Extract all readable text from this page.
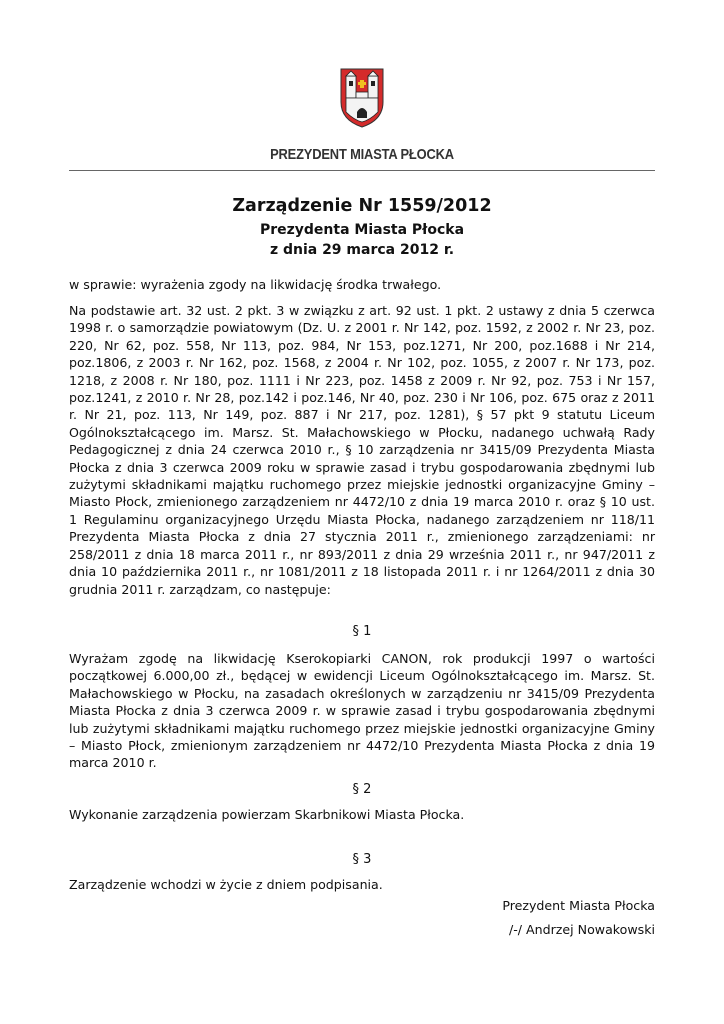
PREZYDENT MIASTA PŁOCKA
Zarządzenie Nr 1559/2012
Prezydenta Miasta Płocka
z dnia 29 marca 2012 r.
w sprawie: wyrażenia zgody na likwidację środka trwałego.
Na podstawie art. 32 ust. 2 pkt. 3 w związku z art. 92 ust. 1 pkt. 2 ustawy z dnia 5 czerwca 1998 r. o samorządzie powiatowym (Dz. U. z 2001 r. Nr 142, poz. 1592, z 2002 r. Nr 23, poz. 220, Nr 62, poz. 558, Nr 113, poz. 984, Nr 153, poz.1271, Nr 200, poz.1688 i Nr 214, poz.1806, z 2003 r. Nr 162, poz. 1568, z 2004 r. Nr 102, poz. 1055, z 2007 r. Nr 173, poz. 1218, z 2008 r. Nr 180, poz. 1111 i Nr 223, poz. 1458 z 2009 r. Nr 92, poz. 753 i Nr 157, poz.1241, z 2010 r. Nr 28, poz.142 i poz.146, Nr 40, poz. 230 i Nr 106, poz. 675 oraz z 2011 r. Nr 21, poz. 113, Nr 149, poz. 887 i Nr 217, poz. 1281), § 57 pkt 9 statutu Liceum Ogólnokształcącego im. Marsz. St. Małachowskiego w Płocku, nadanego uchwałą Rady Pedagogicznej z dnia 24 czerwca 2010 r., § 10 zarządzenia nr 3415/09 Prezydenta Miasta Płocka z dnia 3 czerwca 2009 roku w sprawie zasad i trybu gospodarowania zbędnymi lub zużytymi składnikami majątku ruchomego przez miejskie jednostki organizacyjne Gminy – Miasto Płock, zmienionego zarządzeniem nr 4472/10 z dnia 19 marca 2010 r. oraz § 10 ust. 1 Regulaminu organizacyjnego Urzędu Miasta Płocka, nadanego zarządzeniem nr 118/11 Prezydenta Miasta Płocka z dnia 27 stycznia 2011 r., zmienionego zarządzeniami: nr 258/2011 z dnia 18 marca 2011 r., nr 893/2011 z dnia 29 września 2011 r., nr 947/2011 z dnia 10 października 2011 r., nr 1081/2011 z 18 listopada 2011 r. i nr 1264/2011 z dnia 30 grudnia 2011 r. zarządzam, co następuje:
§ 1
Wyrażam zgodę na likwidację Kserokopiarki CANON, rok produkcji 1997 o wartości początkowej 6.000,00 zł., będącej w ewidencji Liceum Ogólnokształcącego im. Marsz. St. Małachowskiego w Płocku, na zasadach określonych w zarządzeniu nr 3415/09 Prezydenta Miasta Płocka z dnia 3 czerwca 2009 r. w sprawie zasad i trybu gospodarowania zbędnymi lub zużytymi składnikami majątku ruchomego przez miejskie jednostki organizacyjne Gminy – Miasto Płock, zmienionym zarządzeniem nr 4472/10 Prezydenta Miasta Płocka z dnia 19 marca 2010 r.
§ 2
Wykonanie zarządzenia powierzam Skarbnikowi Miasta Płocka.
§ 3
Zarządzenie wchodzi w życie z dniem podpisania.
Prezydent Miasta Płocka
/-/ Andrzej Nowakowski
